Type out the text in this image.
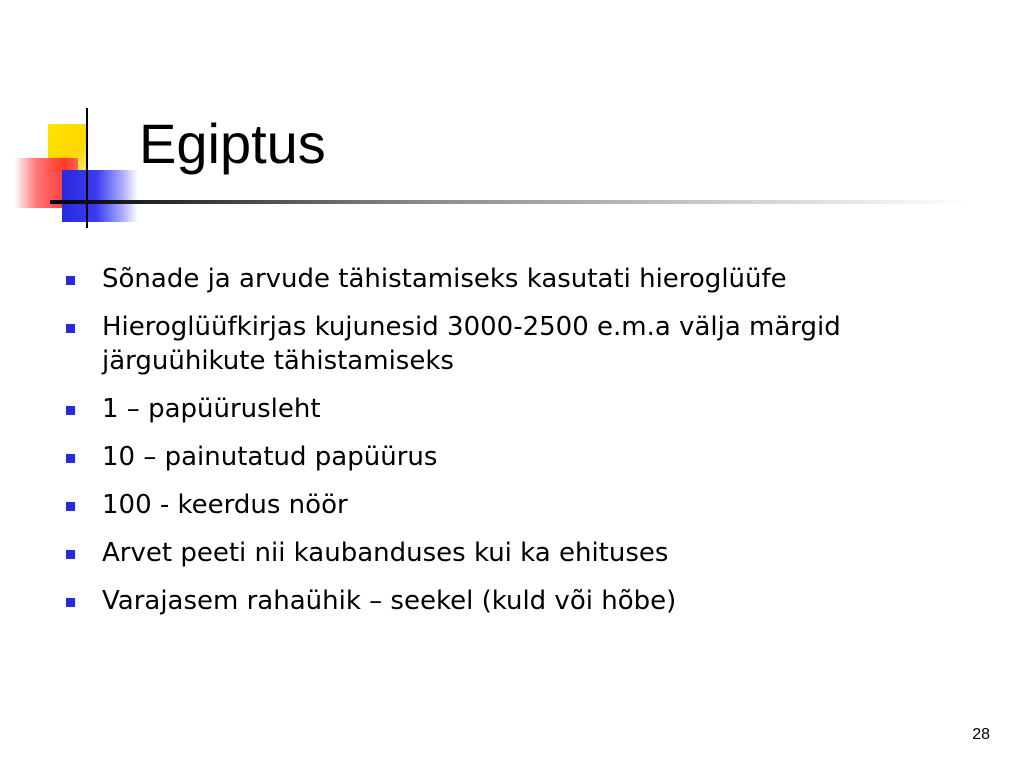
Egiptus
Sõnade ja arvude tähistamiseks kasutati hieroglüüfe
Hieroglüüfkirjas kujunesid 3000-2500 e.m.a välja märgid järguühikute tähistamiseks
1 – papüürusleht
10 – painutatud papüürus
100 - keerdus nöör
Arvet peeti nii kaubanduses kui ka ehituses
Varajasem rahaühik – seekel (kuld või hõbe)
28
